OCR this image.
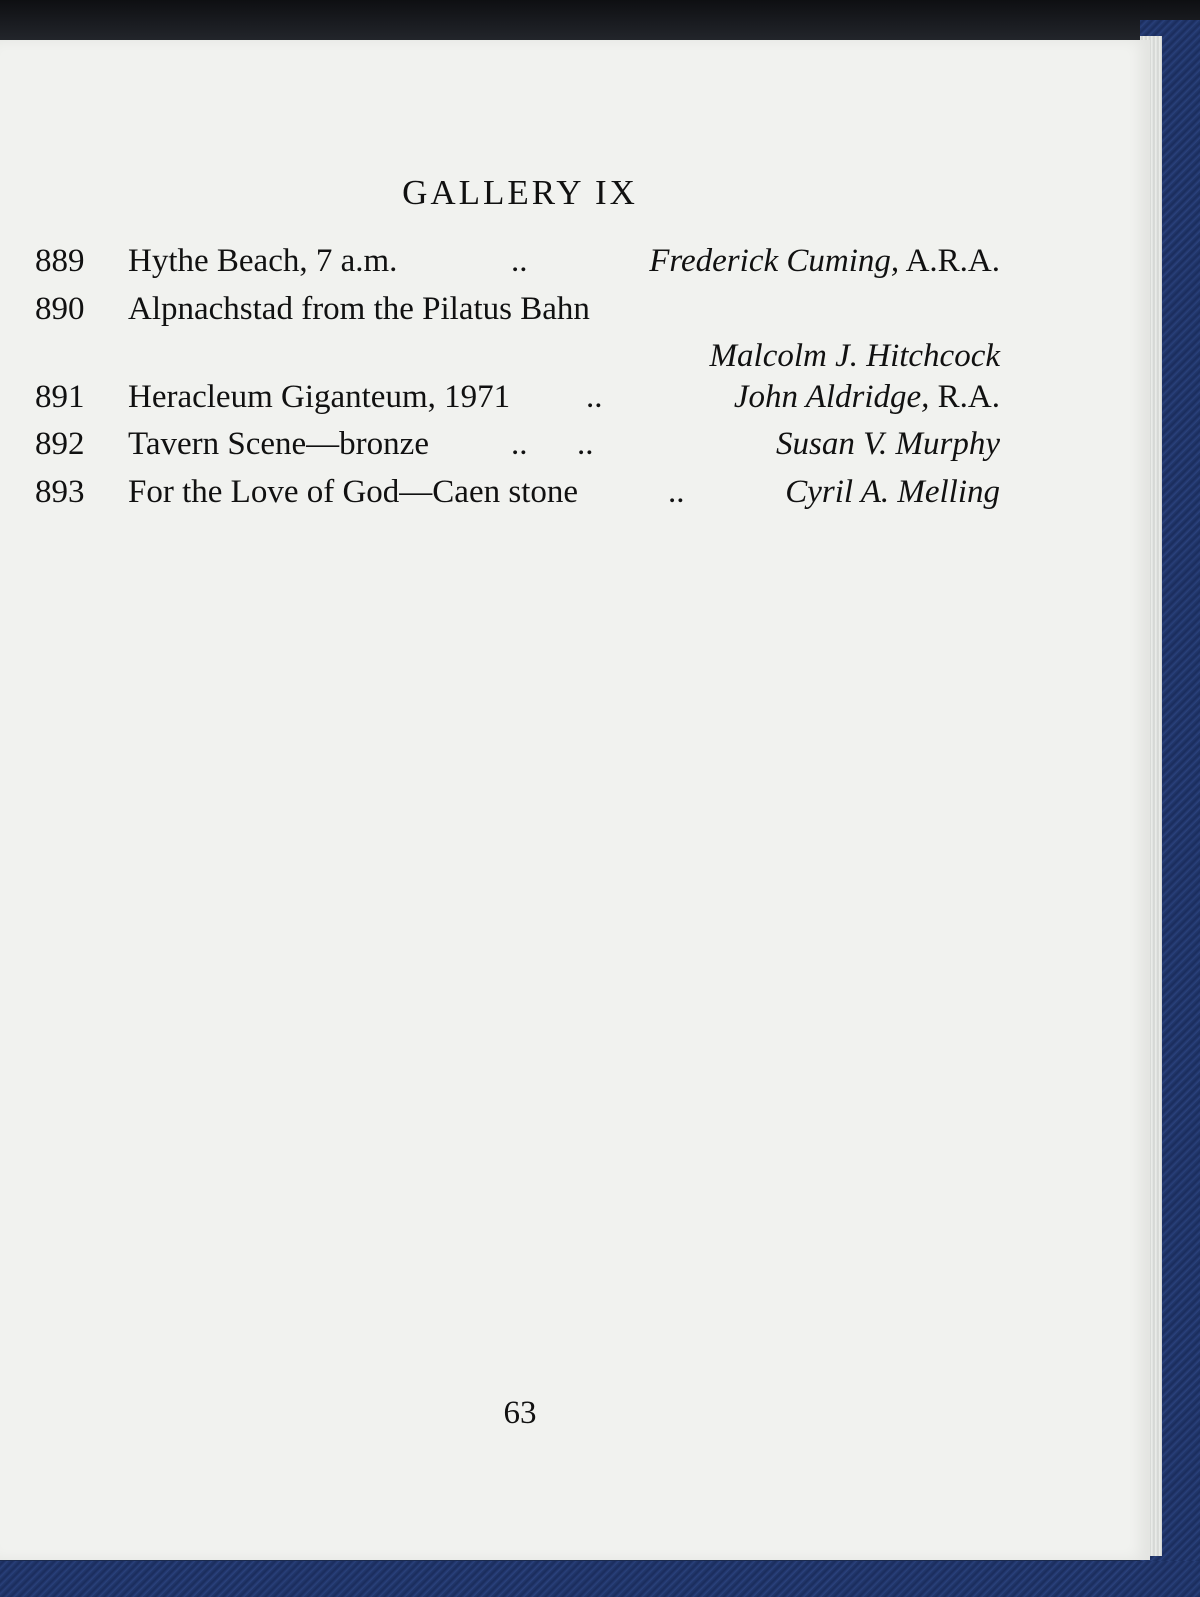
GALLERY IX
889 Hythe Beach, 7 a.m.	..	Frederick Cuming, A.R.A.
890 Alpnachstad from the Pilatus Bahn
Malcolm J. Hitchcock
891 Heracleum Giganteum, 1971 ..	John Aldridge, R.A.
892 Tavern Scene—bronze ..      ..	Susan V. Murphy
893 For the Love of God—Caen stone	..	Cyril A. Melling
63
